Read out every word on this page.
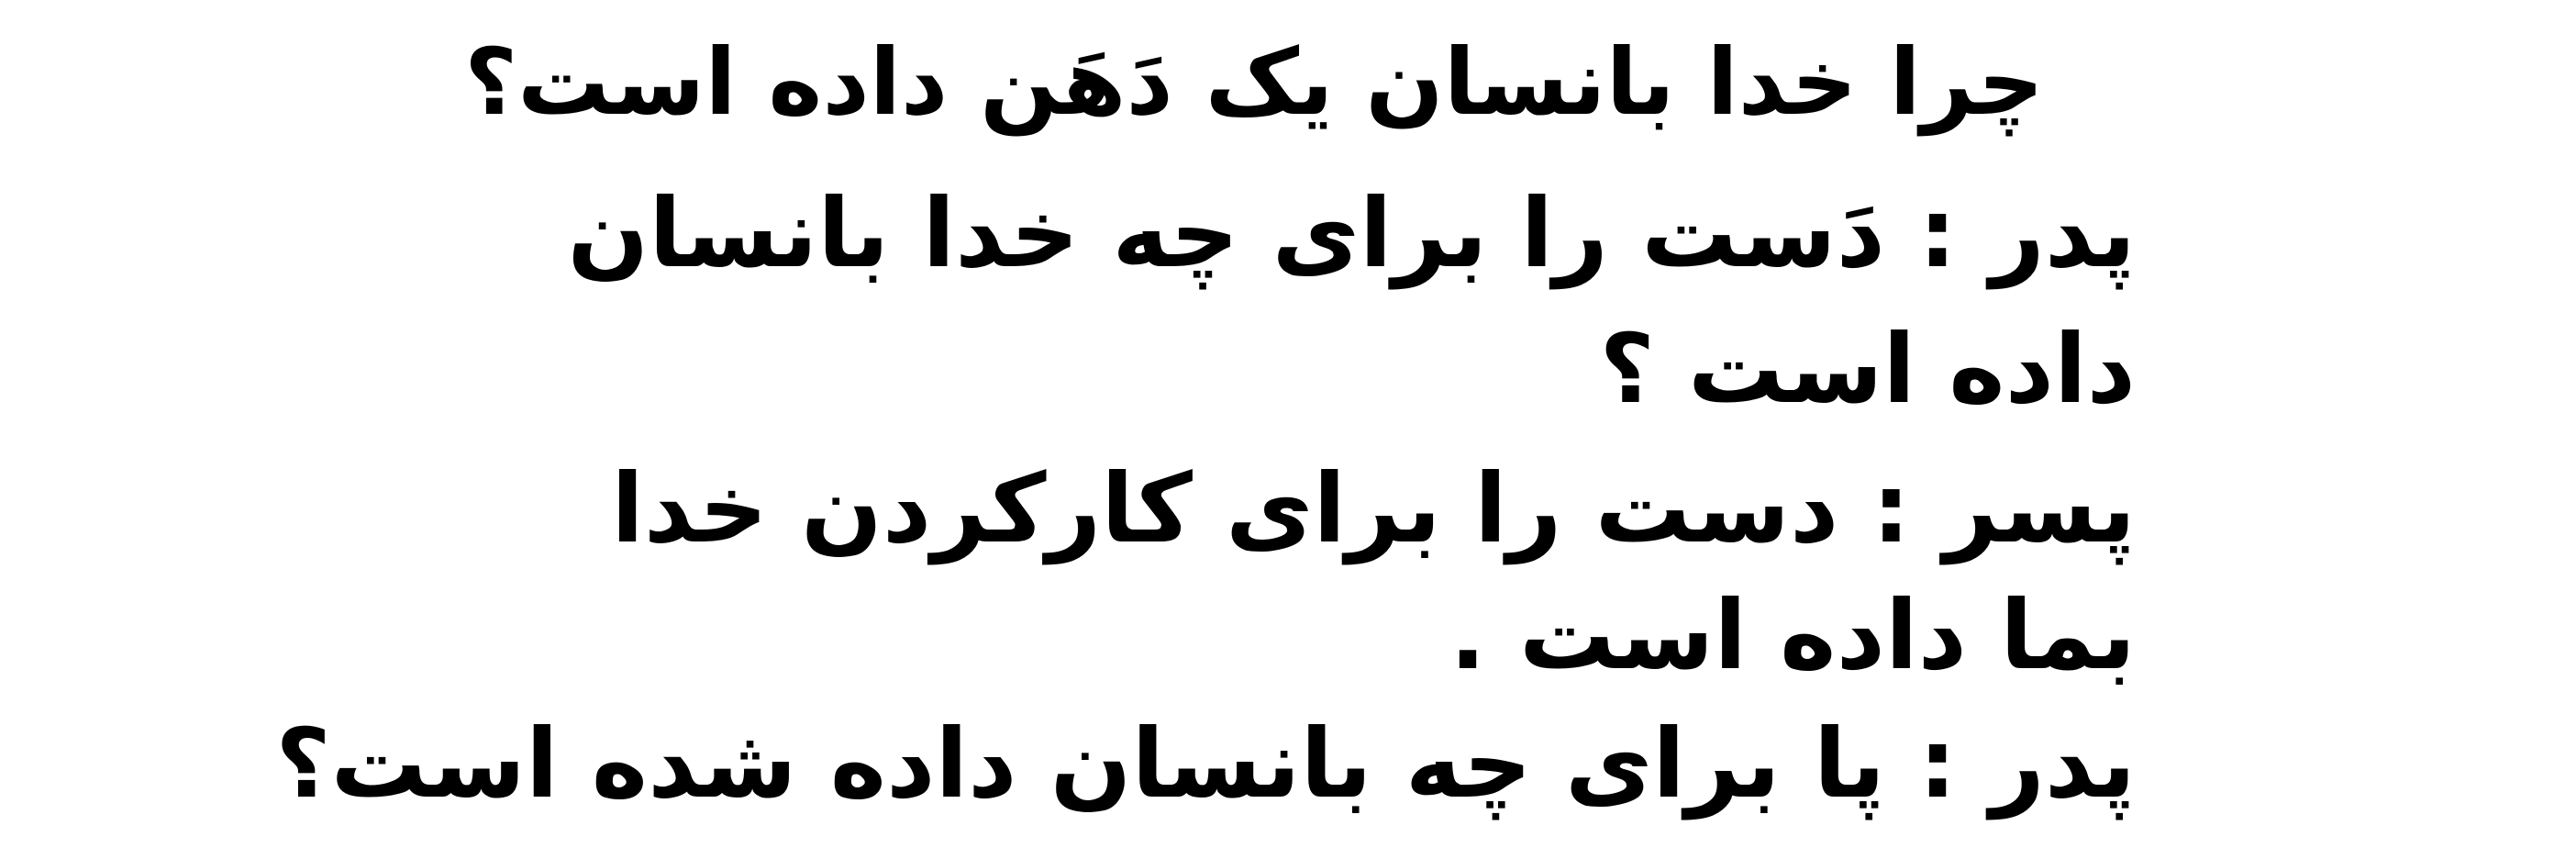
چرا خدا بانسان یک دَهَن داده است؟
پدر : دَست را برای چه خدا بانسان
داده است ؟
پسر : دست را برای کارکردن خدا
بما داده است .
پدر : پا برای چه بانسان داده شده است؟
